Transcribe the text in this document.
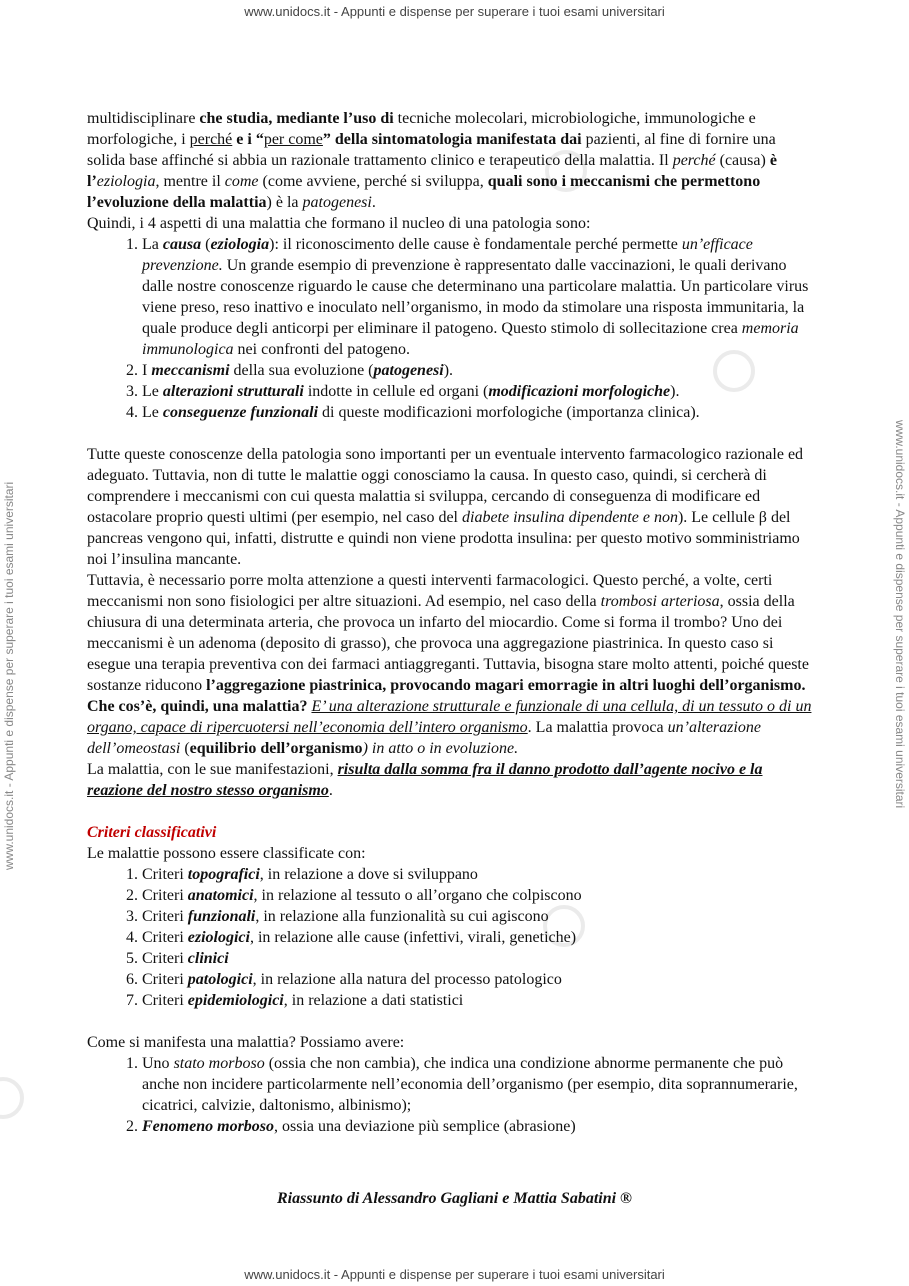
www.unidocs.it - Appunti e dispense per superare i tuoi esami universitari
www.unidocs.it - Appunti e dispense per superare i tuoi esami universitari
www.unidocs.it - Appunti e dispense per superare i tuoi esami universitari	www.unidocs.it - Appunti e dispense per superare i tuoi esami universitari

multidisciplinare che studia, mediante l’uso di tecniche molecolari, microbiologiche, immunologiche e morfologiche, i perché e i “per come” della sintomatologia manifestata dai pazienti, al fine di fornire una solida base affinché si abbia un razionale trattamento clinico e terapeutico della malattia. Il perché (causa) è l’eziologia, mentre il come (come avviene, perché si sviluppa, quali sono i meccanismi che permettono l’evoluzione della malattia) è la patogenesi.

Quindi, i 4 aspetti di una malattia che formano il nucleo di una patologia sono:

1. La causa (eziologia): il riconoscimento delle cause è fondamentale perché permette un’efficace prevenzione. Un grande esempio di prevenzione è rappresentato dalle vaccinazioni, le quali derivano dalle nostre conoscenze riguardo le cause che determinano una particolare malattia. Un particolare virus viene preso, reso inattivo e inoculato nell’organismo, in modo da stimolare una risposta immunitaria, la quale produce degli anticorpi per eliminare il patogeno. Questo stimolo di sollecitazione crea memoria immunologica nei confronti del patogeno.
2. I meccanismi della sua evoluzione (patogenesi).
3. Le alterazioni strutturali indotte in cellule ed organi (modificazioni morfologiche).
4. Le conseguenze funzionali di queste modificazioni morfologiche (importanza clinica).

Tutte queste conoscenze della patologia sono importanti per un eventuale intervento farmacologico razionale ed adeguato. Tuttavia, non di tutte le malattie oggi conosciamo la causa. In questo caso, quindi, si cercherà di comprendere i meccanismi con cui questa malattia si sviluppa, cercando di conseguenza di modificare ed ostacolare proprio questi ultimi (per esempio, nel caso del diabete insulina dipendente e non). Le cellule β del pancreas vengono qui, infatti, distrutte e quindi non viene prodotta insulina: per questo motivo somministriamo noi l’insulina mancante.

Tuttavia, è necessario porre molta attenzione a questi interventi farmacologici. Questo perché, a volte, certi meccanismi non sono fisiologici per altre situazioni. Ad esempio, nel caso della trombosi arteriosa, ossia della chiusura di una determinata arteria, che provoca un infarto del miocardio. Come si forma il trombo? Uno dei meccanismi è un adenoma (deposito di grasso), che provoca una aggregazione piastrinica. In questo caso si esegue una terapia preventiva con dei farmaci antiaggreganti. Tuttavia, bisogna stare molto attenti, poiché queste sostanze riducono l’aggregazione piastrinica, provocando magari emorragie in altri luoghi dell’organismo.

Che cos’è, quindi, una malattia? E’ una alterazione strutturale e funzionale di una cellula, di un tessuto o di un organo, capace di ripercuotersi nell’economia dell’intero organismo. La malattia provoca un’alterazione dell’omeostasi (equilibrio dell’organismo) in atto o in evoluzione.

La malattia, con le sue manifestazioni, risulta dalla somma fra il danno prodotto dall’agente nocivo e la reazione del nostro stesso organismo.

Criteri classificativi

Le malattie possono essere classificate con:

1. Criteri topografici, in relazione a dove si sviluppano
2. Criteri anatomici, in relazione al tessuto o all’organo che colpiscono
3. Criteri funzionali, in relazione alla funzionalità su cui agiscono
4. Criteri eziologici, in relazione alle cause (infettivi, virali, genetiche)
5. Criteri clinici
6. Criteri patologici, in relazione alla natura del processo patologico
7. Criteri epidemiologici, in relazione a dati statistici

Come si manifesta una malattia? Possiamo avere:

1. Uno stato morboso (ossia che non cambia), che indica una condizione abnorme permanente che può anche non incidere particolarmente nell’economia dell’organismo (per esempio, dita soprannumerarie, cicatrici, calvizie, daltonismo, albinismo);
2. Fenomeno morboso, ossia una deviazione più semplice (abrasione)
Riassunto di Alessandro Gagliani e Mattia Sabatini ®
